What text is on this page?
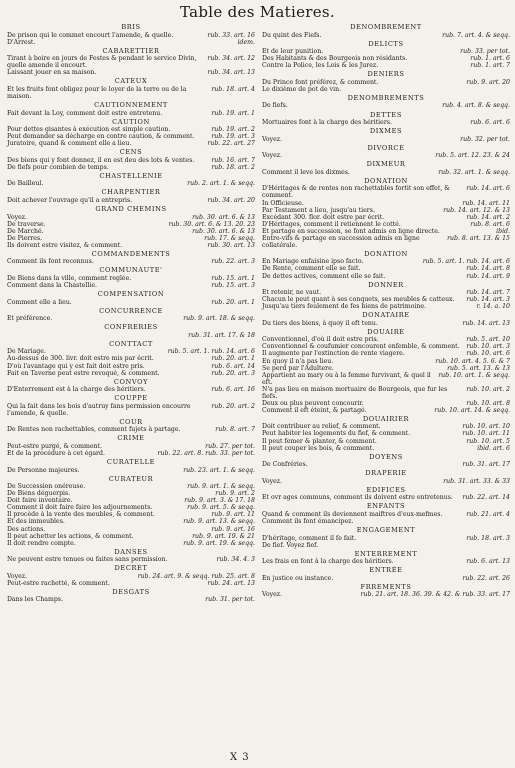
Table des Matieres.
BRIS
rub. 33. art. 16
De prison qui le commet encourt l'amende, & quelle.
idem.
D'Arrest.
CABARETTIER
rub. 34. art. 12
Tirant à boire en jours de Festes & pendant le service Divin, quelle amende il encourt.
rub. 34. art. 13
Laissant jouer en sa maison.
CATEUX
rub. 18. art. 4
Et les fruits font obligez pour le loyer de la terre ou de la maison.
CAUTIONNEMENT
rub. 19. art. 1
Fait devant la Loy, comment doit estre entretenu.
CAUTION
rub. 19. art. 2
Pour dettes gisantes à exécution est simple caution.
rub. 19. art. 3
Peut demander sa décharge en contre caution, & comment.
rub. 22. art. 27
Juratoire, quand & comment elle a lieu.
CENS
rub. 16. art. 7
Des biens qui y font donnez, il en est deu des lots & ventes.
rub. 18. art. 2
De fiefs pour combien de temps.
CHASTELLENIE
rub. 2. art. 1. & seqq.
De Bailleul.
CHARPENTIER
rub. 34. art. 20
Doit achever l'ouvrage qu'il a entrepris.
GRAND CHEMINS
rub. 30. art. 6. & 13
Voyez.
rub. 30. art. 6. & 13. 20. 23
De traverse.
rub. 30. art. 6. & 13
De Marché.
rub. 17. & seqq.
De Pierres.
rub. 30. art. 13
Ils doivent estre visitez, & comment.
COMMANDEMENTS
rub. 22. art. 3
Comment ils font reconnus.
COMMUNAUTE'
rub. 15. art. 1
De Biens dans la ville, comment reglée.
rub. 15. art. 3
Comment dans la Chastellie.
COMPENSATION
rub. 20. art. 1
Comment elle a lieu.
CONCURRENCE
rub. 9. art. 18. & seqq.
Et préférence.
CONFRERIES
rub. 31. art. 17. & 18
CONTTACT
rub. 5. art. 1. rub. 14. art. 6
De Mariage.
rub. 20. art. 1
Au-dessus de 300. livr. doit estre mis par écrit.
rub. 6. art. 14
D'où l'avantage qui y est fait doit estre pris.
rub. 20. art. 3
Fait en Taverne peut estre revoqué, & comment.
CONVOY
rub. 6. art. 16
D'Enterrement est à la charge des héritiers.
COUPPE
rub. 20. art. 2
Qui la fait dans les bois d'autruy fans permission encourre l'amende, & quelle.
COUR
rub. 8. art. 7
De Rentes non rachettables, comment fujets à partage.
CRIME
rub. 27. per tot.
Peut-estre purgé, & comment.
rub. 22. art. 8. rub. 33. per tot.
Et de la procédure à cet égard.
CURATELLE
rub. 23. art. 1. & seqq.
De Personne majeures.
CURATEUR
rub. 9. art. 1. & seqq.
De Succession onéreuse.
rub. 9. art. 2
De Biens déguerpis.
rub. 9. art. 3. & 17. 18
Doit faire inventaire.
rub. 9. art. 5. & seqq.
Comment il doit faire faire les adjournements.
rub. 9. art. 11
Il procède à la vente des meubles, & comment.
rub. 9. art. 13. & seqq.
Et des immeubles.
rub. 9. art. 16
Des actions.
rub. 9. art. 19. & 21
Il peut achetter les actions, & comment.
rub. 9. art. 19. & seqq.
Il doit rendre compte.
DANSES
rub. 34. 4. 3
Ne peuvent estre tenues ou faites sans permission.
DECRET
rub. 24. art. 9. & seqq. rub. 25. art. 8
Voyez.
rub. 24. art. 13
Peut-estre rachetté, & comment.
DESGATS
rub. 31. per tot.
Dans les Champs.
DENOMBREMENT
rub. 7. art. 4. & seqq.
Du quint des Fiefs.
DELICTS
rub. 33. per tot.
Et de leur punition.
rub. 1. art. 6
Des Habitants & des Bourgeois non résidants.
rub. 1. art. 7
Contre la Police, les Lois & les Jurez.
DENIERS
rub. 9. art. 20
Du Prince font préférez, & comment.
Le dixième de pot de vin.
DENOMBREMENTS
rub. 4. art. 8. & seqq.
De fiefs.
DETTES
rub. 6. art. 6
Mortuaires font à la charge des héritiers.
DIXMES
rub. 32. per tot.
Voyez.
DIVORCE
rub. 5. art. 12. 23. & 24
Voyez.
DIXMEUR
rub. 32. art. 1. & seqq.
Comment il leve les dixmes.
DONATION
rub. 14. art. 6
D'Héritages & de rentes non rachettables fortit son effet, & comment.
rub. 14. art. 11
In Officieuse.
rub. 14. art. 12. & 13
Par Testament a lieu, jusqu'au tiers.
rub. 14. art. 2
Excédant 300. flor. doit estre par écrit.
rub. 8. art. 6
D'Héritages, comment il retiennent le cotté.
ibid.
Et partage en succession, se font admis en ligne directe.
rub. 8. art. 13. & 15
Entre-vifs & partage en succession admis en ligne collatérale.
DONATION
rub. 5. art. 1. rub. 14. art. 6
En Mariage enfaisine ipso facto.
rub. 14. art. 8
De Rente, comment elle se fait.
rub. 14. art. 9
De dettes actives, comment elle se fait.
DONNER
rub. 14. art. 7
Et retenir, ne vaut.
rub. 14. art. 3
Chacun le peut quant à ses conquets, ses meubles & catteux.
r. 14. a. 10
Jusqu'au tiers feulement de fes biens de patrimoine.
DONATAIRE
rub. 14. art. 13
Du tiers des biens, à quoy il eft tenu.
DOUAIRE
rub. 5. art. 10
Conventionnel, d'où il doit estre pris.
rub. 10. art. 3
Conventionnel & coufumier concourent enfemble, & comment.
rub. 10. art. 6
Il augmente par l'extinction de rente viagere.
rub. 10. art. 4. 5. 6. & 7
En quoy il n'a pas lieu.
rub. 5. art. 13. & 13
Se perd par l'Adultere.
rub. 10. art. 1. & seqq.
Appartient au mary ou à la femme furvivant, & quel il eft.
rub. 10. art. 2
N'a pas lieu en maison mortuaire de Bourgeois, que fur les fiefs.
rub. 10. art. 8
Deux ou plus peuvent concourir.
rub. 10. art. 14. & seqq.
Comment il eft éteint, & partagé.
DOUAIRIER
rub. 10. art. 10
Doit contribuer au relief, & comment.
rub. 10. art. 11
Peut habiter les logements du fief, & comment.
rub. 10. art. 5
Il peut femer & planter, & comment.
ibid. art. 6
Il peut couper les bois, & comment.
DOYENS
rub. 31. art. 17
De Confréries.
DRAPERIE
rub. 31. art. 33. & 33
Voyez.
EDIFICES
rub. 22. art. 14
Et ovr ages communs, comment ils doivent estre entretenus.
ENFANTS
rub. 21. art. 4
Quand & comment ils deviennent maiftres d'eux-mefmes.
Comment ils font émancipez.
ENGAGEMENT
rub. 18. art. 3
D'héritage, comment il fe fait.
De fief. Voyez fief.
ENTERREMENT
rub. 6. art. 13
Les frais en font à la charge des héritiers.
ENTRÉE
rub. 22. art. 26
En justice ou instance.
FRREMENTS
rub. 21. art. 18. 36. 39. & 42. & rub. 33. art. 17
Voyez.
X 3
